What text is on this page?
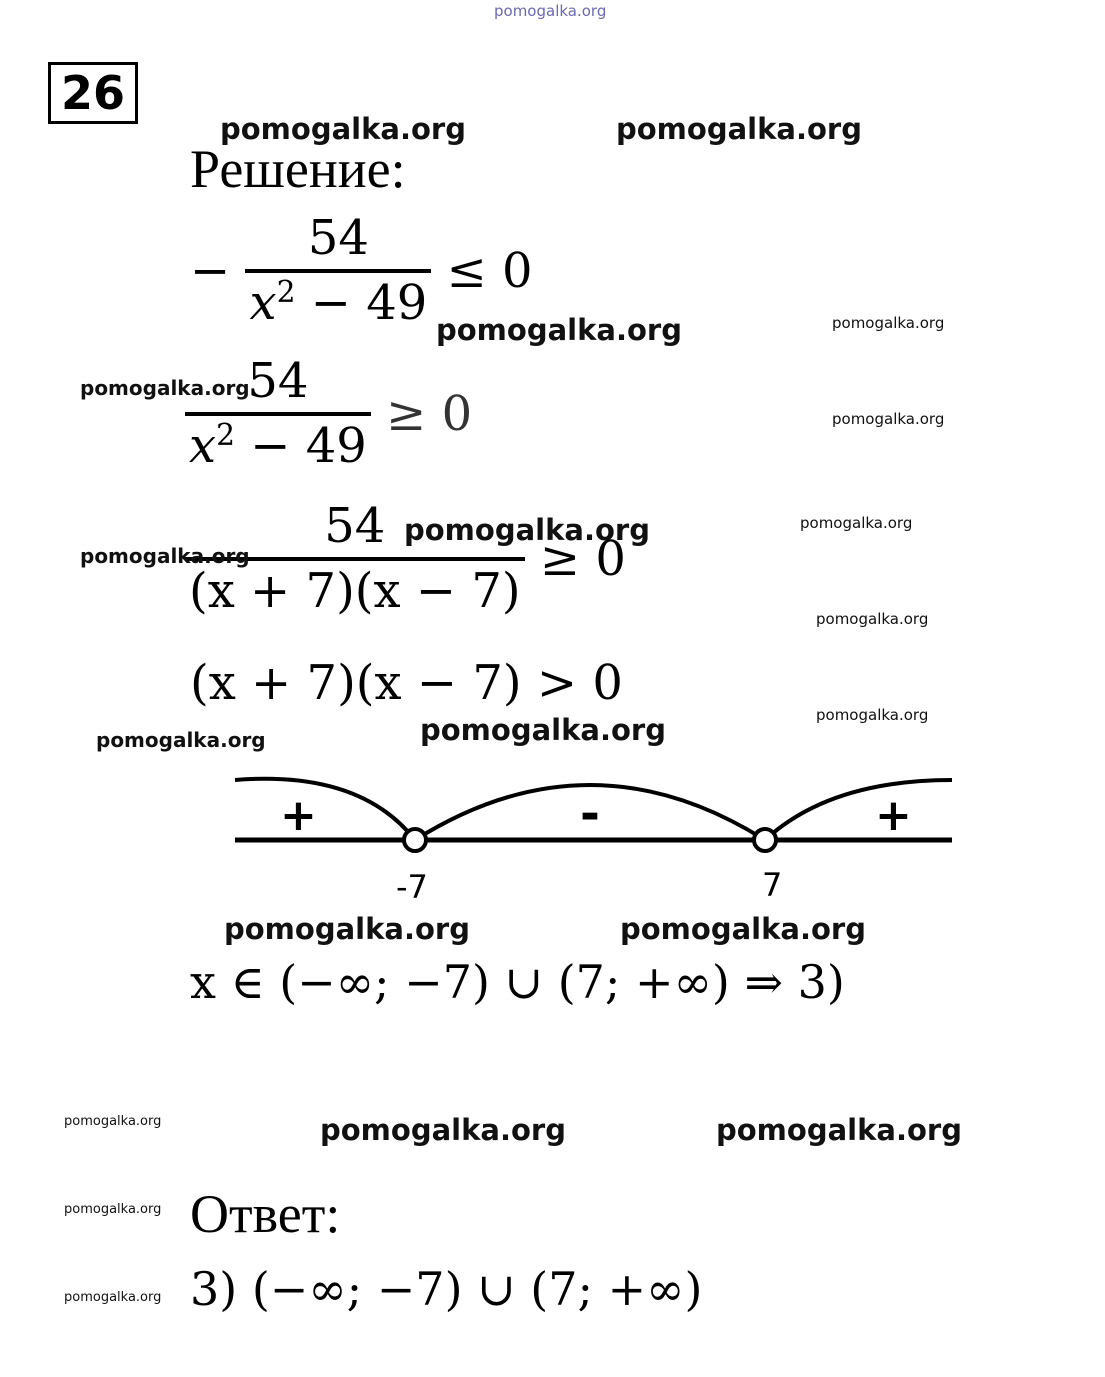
pomogalka.org
26
Решение:
− $\frac{54}{x^2 - 49} \le 0$
$\frac{54}{x^2 - 49} \ge 0$
$\frac{54}{(x + 7)(x - 7)} \ge 0$
(x + 7)(x − 7) > 0
+	-	+
-7	7
x ∈ (−∞; −7) ∪ (7; +∞) ⇒ 3)
Ответ:
3) (−∞; −7) ∪ (7; +∞)
pomogalka.org	pomogalka.org
pomogalka.org	pomogalka.org
pomogalka.org
pomogalka.org
pomogalka.org	pomogalka.org
pomogalka.org
pomogalka.org
pomogalka.org
pomogalka.org
pomogalka.org
pomogalka.org	pomogalka.org
pomogalka.org	pomogalka.org	pomogalka.org
pomogalka.org
pomogalka.org
